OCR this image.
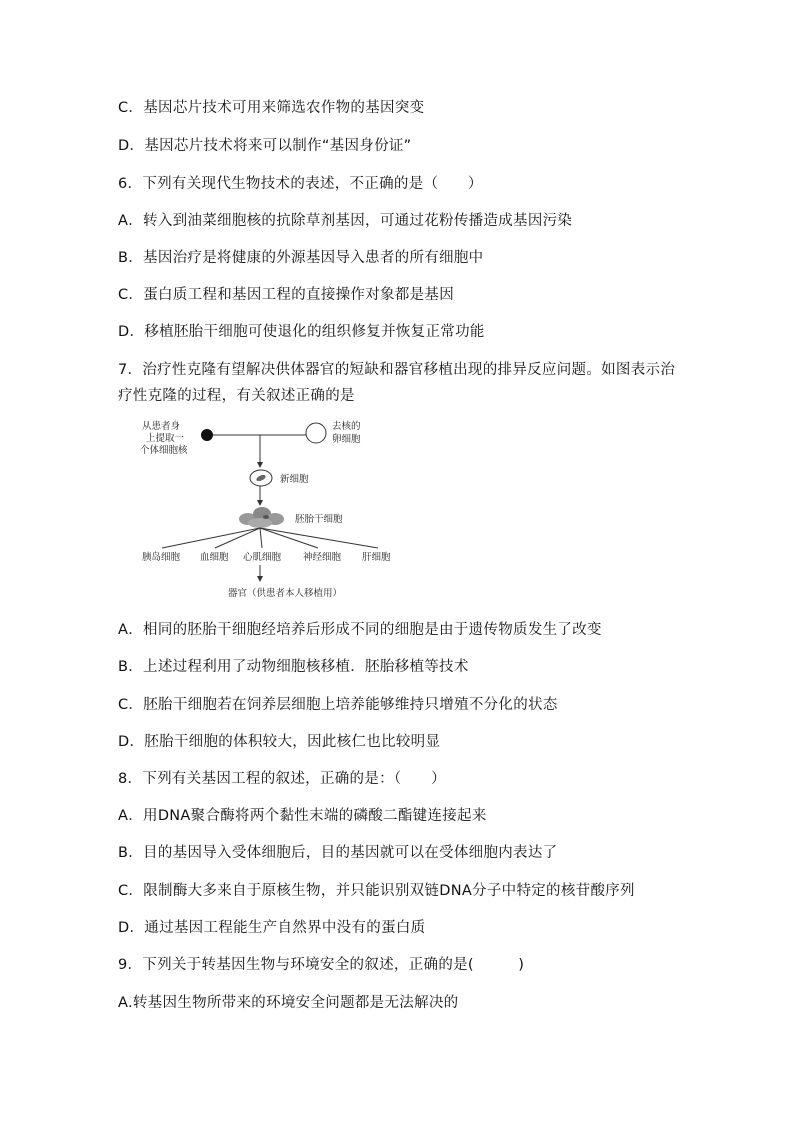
C．基因芯片技术可用来筛选农作物的基因突变
D．基因芯片技术将来可以制作“基因身份证”
6．下列有关现代生物技术的表述，不正确的是（　　）
A．转入到油菜细胞核的抗除草剂基因，可通过花粉传播造成基因污染
B．基因治疗是将健康的外源基因导入患者的所有细胞中
C．蛋白质工程和基因工程的直接操作对象都是基因
D．移植胚胎干细胞可使退化的组织修复并恢复正常功能
7．治疗性克隆有望解决供体器官的短缺和器官移植出现的排异反应问题。如图表示治
疗性克隆的过程，有关叙述正确的是
从患者身
上提取一
个体细胞核
去核的
卵细胞
新细胞
胚胎干细胞
胰岛细胞 血细胞 心肌细胞 神经细胞 肝细胞
器官（供患者本人移植用）
A．相同的胚胎干细胞经培养后形成不同的细胞是由于遗传物质发生了改变
B．上述过程利用了动物细胞核移植．胚胎移植等技术
C．胚胎干细胞若在饲养层细胞上培养能够维持只增殖不分化的状态
D．胚胎干细胞的体积较大，因此核仁也比较明显
8．下列有关基因工程的叙述，正确的是：（　　）
A．用DNA聚合酶将两个黏性末端的磷酸二酯键连接起来
B．目的基因导入受体细胞后，目的基因就可以在受体细胞内表达了
C．限制酶大多来自于原核生物，并只能识别双链DNA分子中特定的核苷酸序列
D．通过基因工程能生产自然界中没有的蛋白质
9．下列关于转基因生物与环境安全的叙述，正确的是(　　　)
A.转基因生物所带来的环境安全问题都是无法解决的
